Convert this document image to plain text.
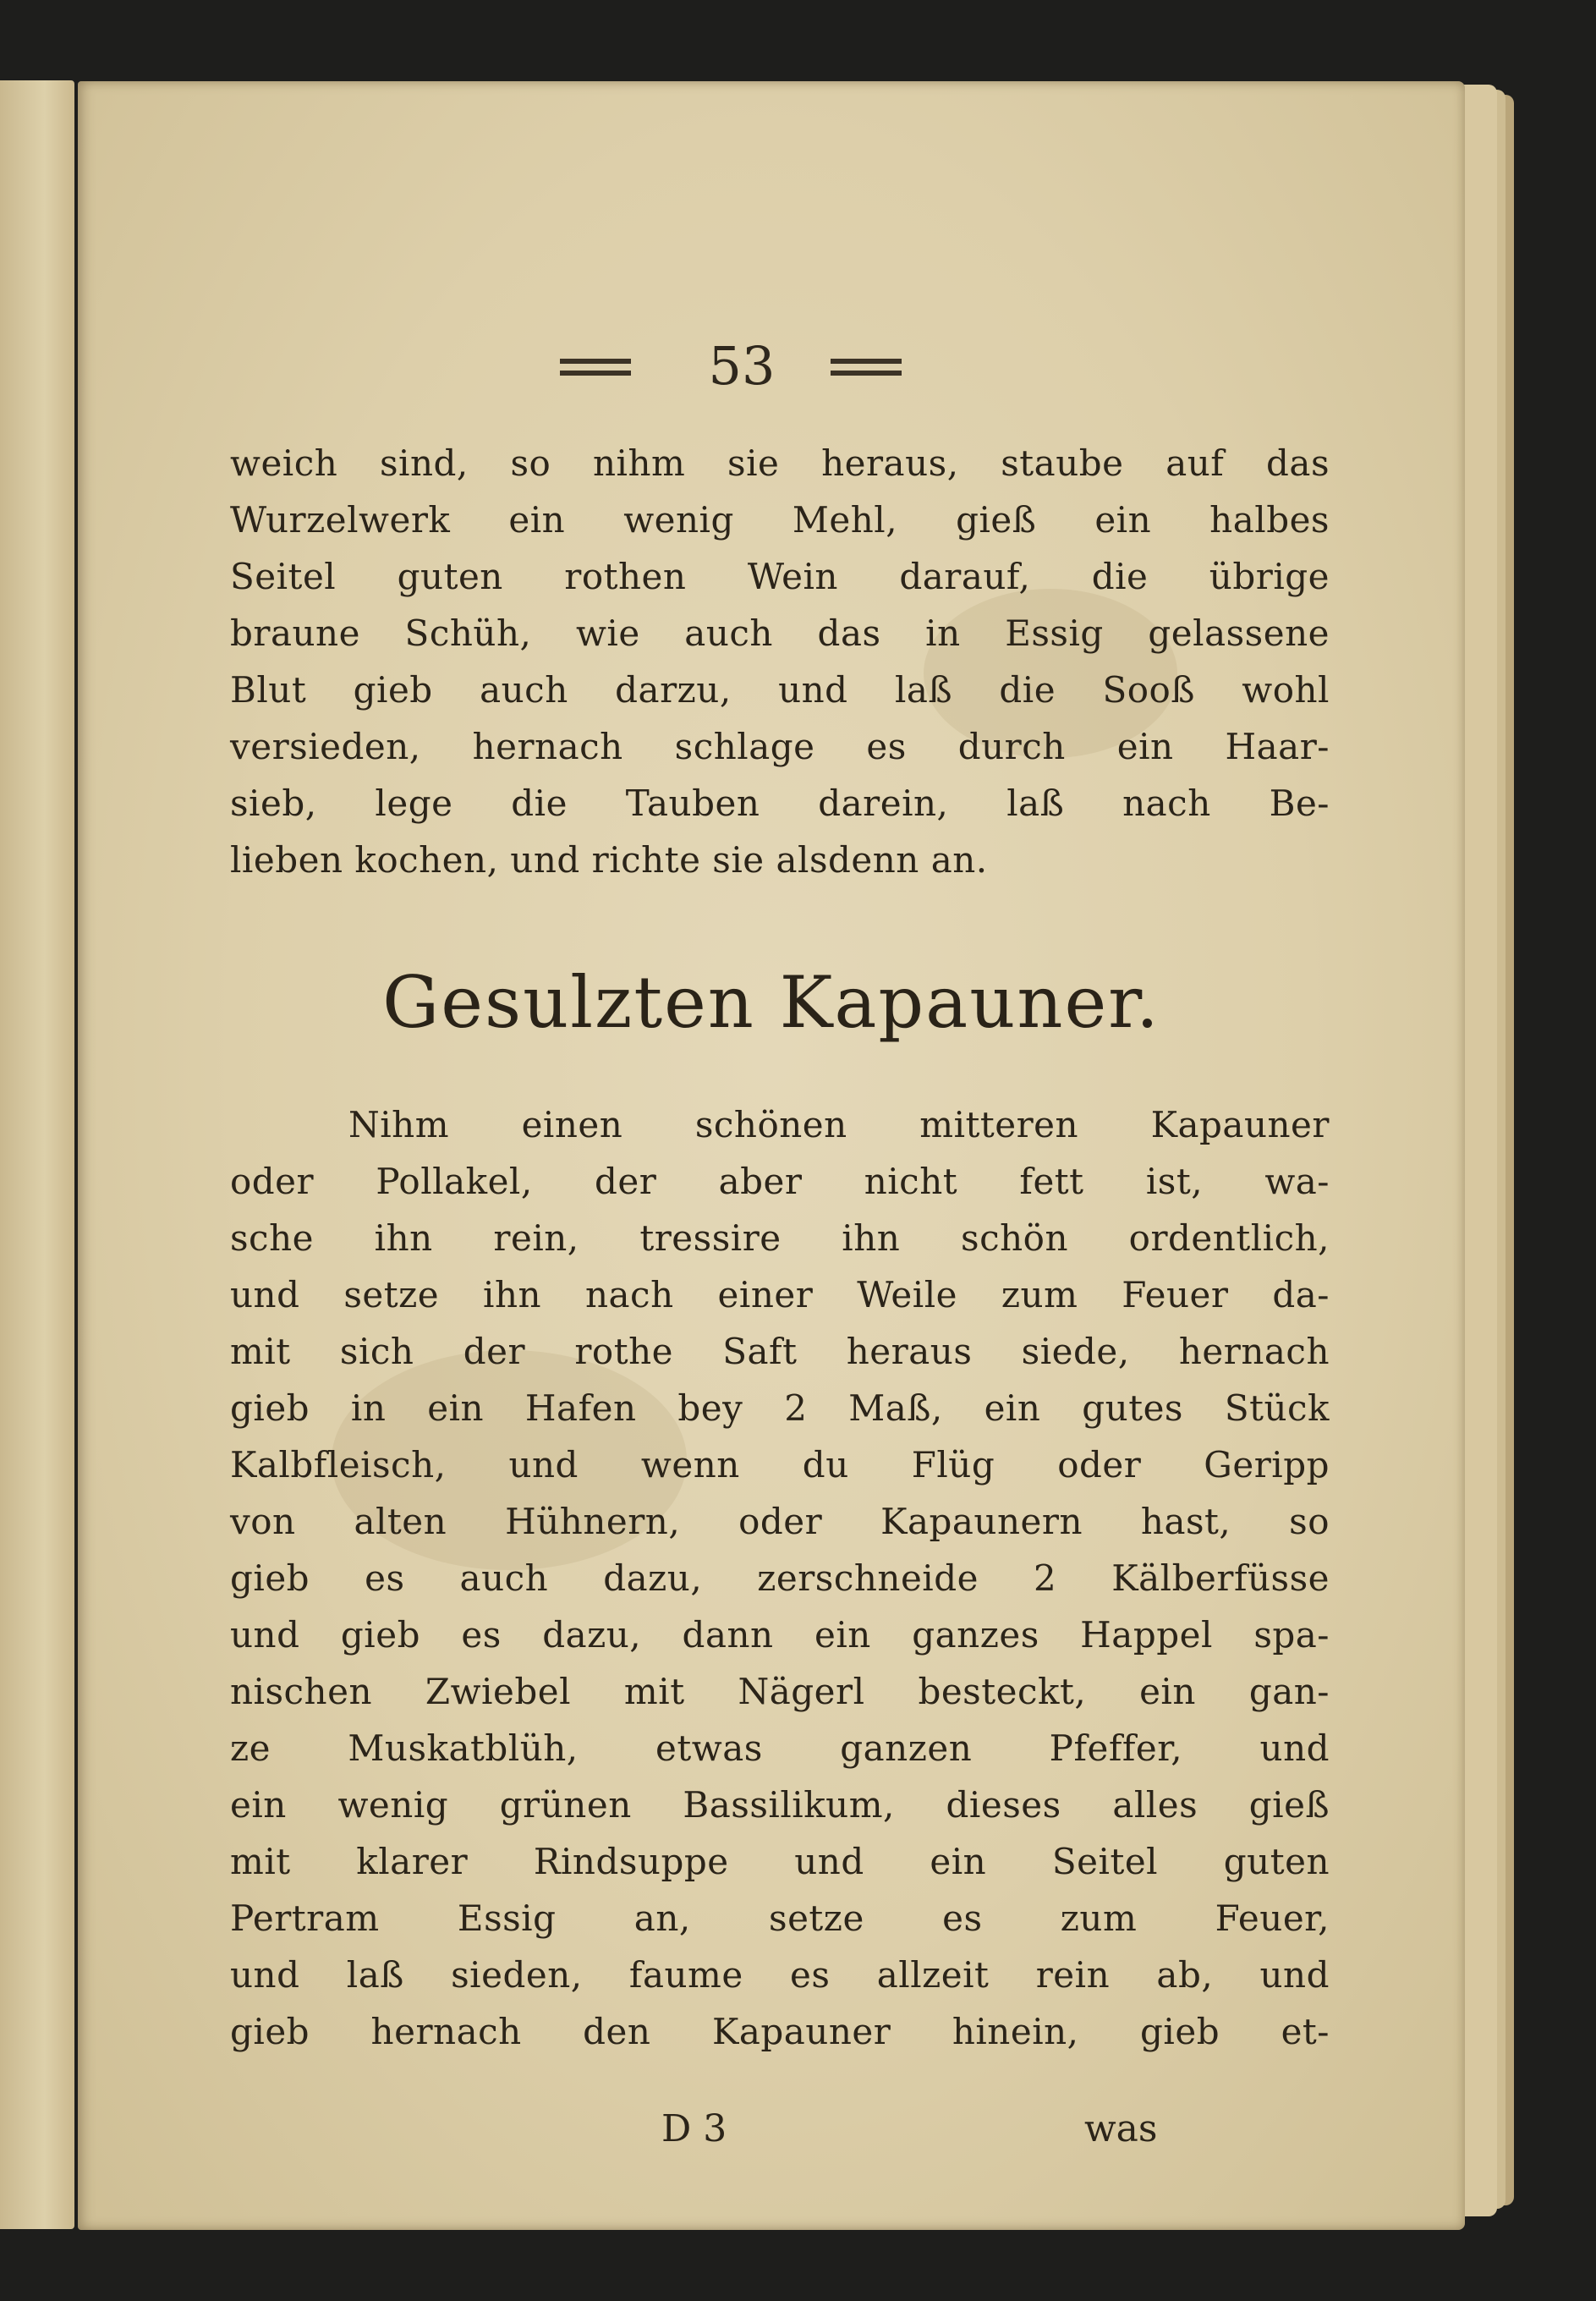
53
weich sind, so nihm sie heraus, staube auf das
Wurzelwerk ein wenig Mehl, gieß ein halbes
Seitel guten rothen Wein darauf, die übrige
braune Schüh, wie auch das in Essig gelassene
Blut gieb auch darzu, und laß die Sooß wohl
versieden, hernach schlage es durch ein Haar-
sieb, lege die Tauben darein, laß nach Be-
lieben kochen, und richte sie alsdenn an.
Gesulzten Kapauner.
Nihm einen schönen mitteren Kapauner
oder Pollakel, der aber nicht fett ist, wa-
sche ihn rein, tressire ihn schön ordentlich,
und setze ihn nach einer Weile zum Feuer da-
mit sich der rothe Saft heraus siede, hernach
gieb in ein Hafen bey 2 Maß, ein gutes Stück
Kalbfleisch, und wenn du Flüg oder Geripp
von alten Hühnern, oder Kapaunern hast, so
gieb es auch dazu, zerschneide 2 Kälberfüsse
und gieb es dazu, dann ein ganzes Happel spa-
nischen Zwiebel mit Nägerl besteckt, ein gan-
ze Muskatblüh, etwas ganzen Pfeffer, und
ein wenig grünen Bassilikum, dieses alles gieß
mit klarer Rindsuppe und ein Seitel guten
Pertram Essig an, setze es zum Feuer,
und laß sieden, faume es allzeit rein ab, und
gieb hernach den Kapauner hinein, gieb et-
D 3	was
